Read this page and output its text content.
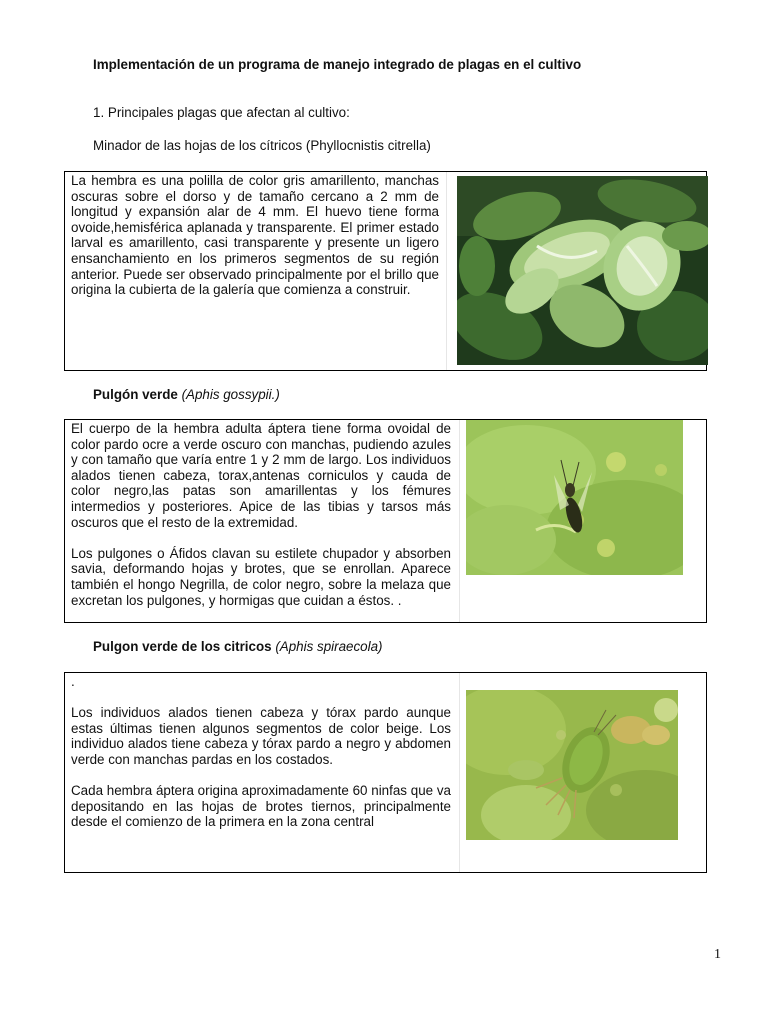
Implementación de un programa de manejo integrado de plagas en el cultivo
1. Principales plagas que afectan al cultivo:
Minador de las hojas de los cítricos (Phyllocnistis citrella)

La hembra es una polilla de color gris amarillento, manchas oscuras sobre el dorso y de tamaño cercano a 2 mm de longitud y expansión alar de 4 mm. El huevo tiene forma ovoide,hemisférica aplanada y transparente. El primer estado larval es amarillento, casi transparente y presente un ligero ensanchamiento en los primeros segmentos de su región anterior. Puede ser observado principalmente por el brillo que origina la cubierta de la galería que comienza a construir.

Pulgón verde (Aphis gossypii.)

El cuerpo de la hembra adulta áptera tiene forma ovoidal de color pardo ocre a verde oscuro con manchas, pudiendo azules y con tamaño que varía entre 1 y 2 mm de largo. Los individuos alados tienen cabeza, torax,antenas corniculos y cauda de color negro,las patas son amarillentas y los fémures intermedios y posteriores. Apice de las tibias y tarsos más oscuros que el resto de la extremidad.

Los pulgones o Áfidos clavan su estilete chupador y absorben savia, deformando hojas y brotes, que se enrollan. Aparece también el hongo Negrilla, de color negro, sobre la melaza que excretan los pulgones, y hormigas que cuidan a éstos. .

Pulgon verde de los citricos (Aphis spiraecola)

.

Los individuos alados tienen cabeza y tórax pardo aunque estas últimas tienen algunos segmentos de color beige. Los individuo alados tiene cabeza y tórax pardo a negro y abdomen verde con manchas pardas en los costados.

Cada hembra áptera origina aproximadamente 60 ninfas que va depositando en las hojas de brotes tiernos, principalmente desde el comienzo de la primera en la zona central

1
